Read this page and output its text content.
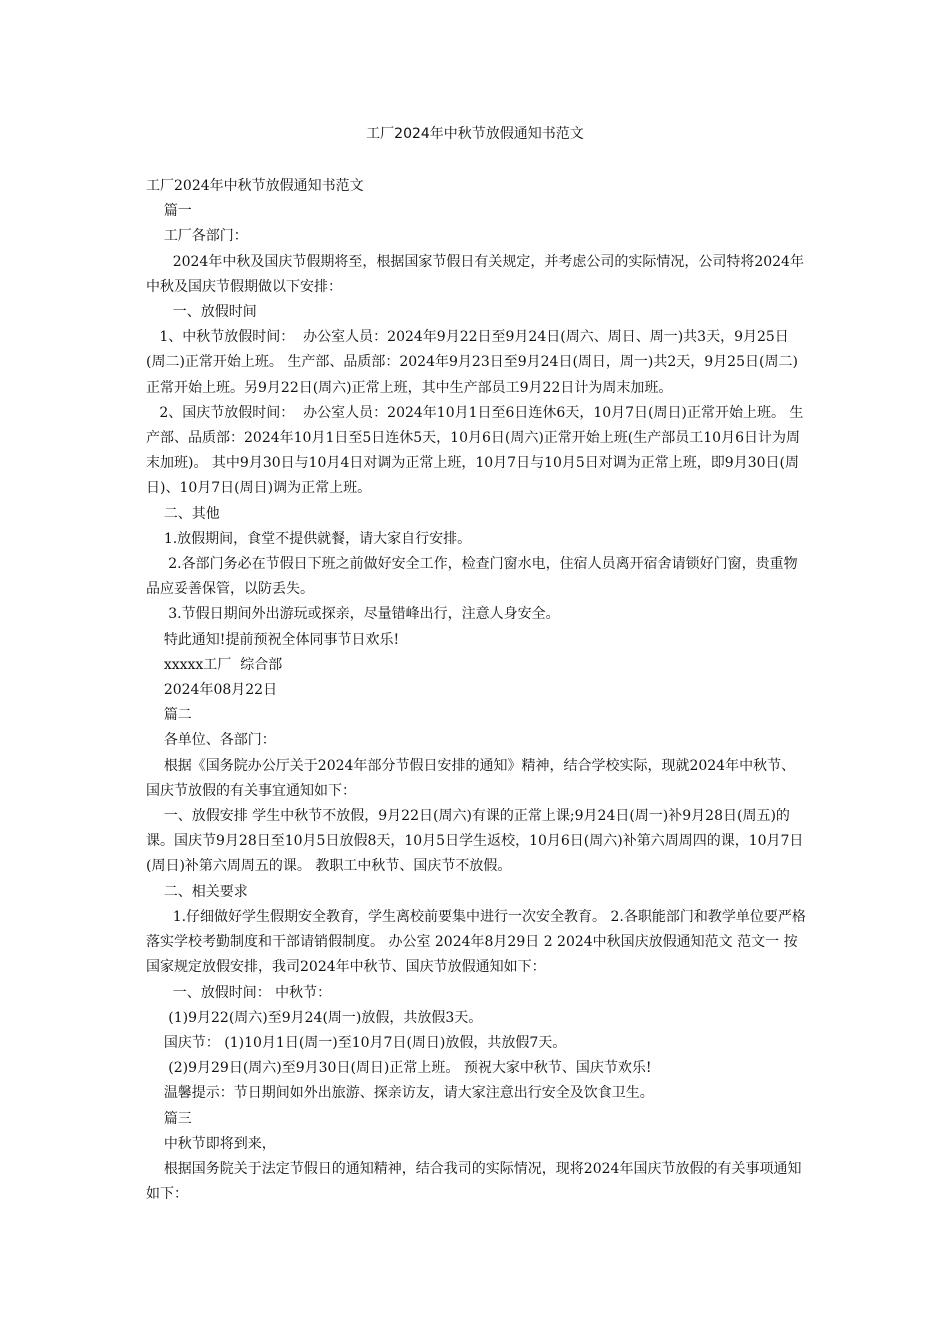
工厂2024年中秋节放假通知书范文

工厂2024年中秋节放假通知书范文

篇一

工厂各部门：

2024年中秋及国庆节假期将至，根据国家节假日有关规定，并考虑公司的实际情况，公司特将2024年中秋及国庆节假期做以下安排：

一、放假时间

1、中秋节放假时间：  办公室人员：2024年9月22日至9月24日(周六、周日、周一)共3天，9月25日(周二)正常开始上班。 生产部、品质部：2024年9月23日至9月24日(周日，周一)共2天，9月25日(周二)正常开始上班。另9月22日(周六)正常上班，其中生产部员工9月22日计为周末加班。

2、国庆节放假时间：  办公室人员：2024年10月1日至6日连休6天，10月7日(周日)正常开始上班。 生产部、品质部：2024年10月1日至5日连休5天，10月6日(周六)正常开始上班(生产部员工10月6日计为周末加班)。 其中9月30日与10月4日对调为正常上班，10月7日与10月5日对调为正常上班，即9月30日(周日)、10月7日(周日)调为正常上班。

二、其他

1.放假期间，食堂不提供就餐，请大家自行安排。

2.各部门务必在节假日下班之前做好安全工作，检查门窗水电，住宿人员离开宿舍请锁好门窗，贵重物品应妥善保管，以防丢失。

3.节假日期间外出游玩或探亲，尽量错峰出行，注意人身安全。

特此通知!提前预祝全体同事节日欢乐!

xxxxx工厂  综合部

2024年08月22日

篇二

各单位、各部门：

根据《国务院办公厅关于2024年部分节假日安排的通知》精神，结合学校实际，现就2024年中秋节、国庆节放假的有关事宜通知如下：

一、放假安排 学生中秋节不放假，9月22日(周六)有课的正常上课;9月24日(周一)补9月28日(周五)的课。国庆节9月28日至10月5日放假8天，10月5日学生返校，10月6日(周六)补第六周周四的课，10月7日(周日)补第六周周五的课。 教职工中秋节、国庆节不放假。

二、相关要求

1.仔细做好学生假期安全教育，学生离校前要集中进行一次安全教育。 2.各职能部门和教学单位要严格落实学校考勤制度和干部请销假制度。 办公室 2024年8月29日 2 2024中秋国庆放假通知范文 范文一 按国家规定放假安排，我司2024年中秋节、国庆节放假通知如下：

一、放假时间： 中秋节：

(1)9月22(周六)至9月24(周一)放假，共放假3天。

国庆节： (1)10月1日(周一)至10月7日(周日)放假，共放假7天。

(2)9月29日(周六)至9月30日(周日)正常上班。 预祝大家中秋节、国庆节欢乐!

温馨提示：节日期间如外出旅游、探亲访友，请大家注意出行安全及饮食卫生。

篇三

中秋节即将到来，

根据国务院关于法定节假日的通知精神，结合我司的实际情况，现将2024年国庆节放假的有关事项通知如下：
